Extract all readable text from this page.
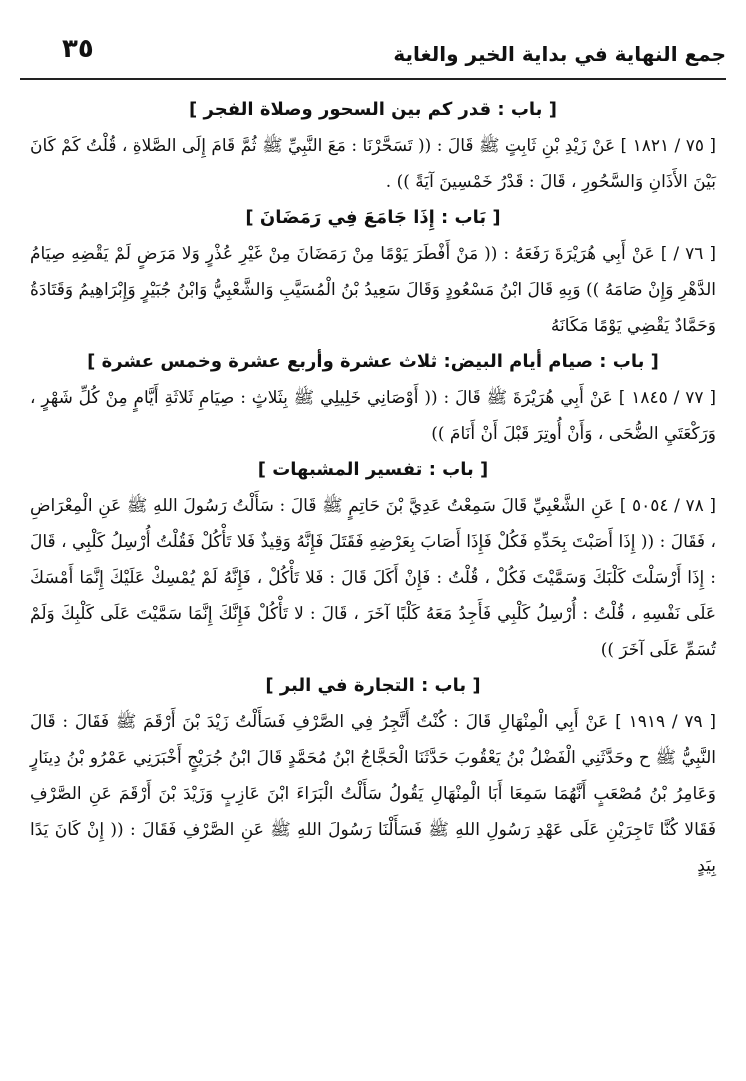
جمع النهاية في بداية الخير والغاية
٣٥
[ باب : قدر كم بين السحور وصلاة الفجر ]
[ ٧٥ / ١٨٢١ ] عَنْ زَيْدِ بْنِ ثَابِتٍ ﷺ قَالَ : (( تَسَحَّرْنَا : مَعَ النَّبِيِّ ﷺ ثُمَّ قَامَ إِلَى الصَّلاةِ ، قُلْتُ كَمْ كَانَ بَيْنَ الأَذَانِ وَالسَّحُورِ ، قَالَ : قَدْرُ خَمْسِينَ آيَةً )) .
[ بَاب : إِذَا جَامَعَ فِي رَمَضَانَ ]
[ ٧٦ / ] عَنْ أَبِي هُرَيْرَةَ رَفَعَهُ : (( مَنْ أَفْطَرَ يَوْمًا مِنْ رَمَضَانَ مِنْ غَيْرِ عُذْرٍ وَلا مَرَضٍ لَمْ يَقْضِهِ صِيَامُ الدَّهْرِ وَإِنْ صَامَهُ )) وَبِهِ قَالَ ابْنُ مَسْعُودٍ وَقَالَ سَعِيدُ بْنُ الْمُسَيَّبِ وَالشَّعْبِيُّ وَابْنُ جُبَيْرٍ وَإِبْرَاهِيمُ وَقَتَادَةُ وَحَمَّادٌ يَقْضِي يَوْمًا مَكَانَهُ
[ باب : صيام أيام البيض: ثلاث عشرة وأربع عشرة وخمس عشرة ]
[ ٧٧ / ١٨٤٥ ] عَنْ أَبِي هُرَيْرَةَ ﷺ قَالَ : (( أَوْصَانِي خَلِيلِي ﷺ بِثَلاثٍ : صِيَامِ ثَلاثَةِ أَيَّامٍ مِنْ كُلِّ شَهْرٍ ، وَرَكْعَتَيِ الضُّحَى ، وَأَنْ أُوتِرَ قَبْلَ أَنْ أَنَامَ ))
[ باب : تفسير المشبهات ]
[ ٧٨ / ٥٠٥٤ ] عَنِ الشَّعْبِيِّ قَالَ سَمِعْتُ عَدِيَّ بْنَ حَاتِمٍ ﷺ قَالَ : سَأَلْتُ رَسُولَ اللهِ ﷺ عَنِ الْمِعْرَاضِ ، فَقَالَ : (( إِذَا أَصَبْتَ بِحَدِّهِ فَكُلْ فَإِذَا أَصَابَ بِعَرْضِهِ فَقَتَلَ فَإِنَّهُ وَقِيذٌ فَلا تَأْكُلْ فَقُلْتُ أُرْسِلُ كَلْبِي ، قَالَ : إِذَا أَرْسَلْتَ كَلْبَكَ وَسَمَّيْتَ فَكُلْ ، قُلْتُ : فَإِنْ أَكَلَ قَالَ : فَلا تَأْكُلْ ، فَإِنَّهُ لَمْ يُمْسِكْ عَلَيْكَ إِنَّمَا أَمْسَكَ عَلَى نَفْسِهِ ، قُلْتُ : أُرْسِلُ كَلْبِي فَأَجِدُ مَعَهُ كَلْبًا آخَرَ ، قَالَ : لا تَأْكُلْ فَإِنَّكَ إِنَّمَا سَمَّيْتَ عَلَى كَلْبِكَ وَلَمْ تُسَمِّ عَلَى آخَرَ ))
[ باب : التجارة في البر ]
[ ٧٩ / ١٩١٩ ] عَنْ أَبِي الْمِنْهَالِ قَالَ : كُنْتُ أَتَّجِرُ فِي الصَّرْفِ فَسَأَلْتُ زَيْدَ بْنَ أَرْقَمَ ﷺ فَقَالَ : قَالَ النَّبِيُّ ﷺ ح وحَدَّثَنِي الْفَضْلُ بْنُ يَعْقُوبَ حَدَّثَنَا الْحَجَّاجُ ابْنُ مُحَمَّدٍ قَالَ ابْنُ جُرَيْجٍ أَخْبَرَنِي عَمْرُو بْنُ دِينَارٍ وَعَامِرُ بْنُ مُصْعَبٍ أَنَّهُمَا سَمِعَا أَبَا الْمِنْهَالِ يَقُولُ سَأَلْتُ الْبَرَاءَ ابْنَ عَازِبٍ وَزَيْدَ بْنَ أَرْقَمَ عَنِ الصَّرْفِ فَقَالا كُنَّا تَاجِرَيْنِ عَلَى عَهْدِ رَسُولِ اللهِ ﷺ فَسَأَلْنَا رَسُولَ اللهِ ﷺ عَنِ الصَّرْفِ فَقَالَ : (( إِنْ كَانَ يَدًا بِيَدٍ
